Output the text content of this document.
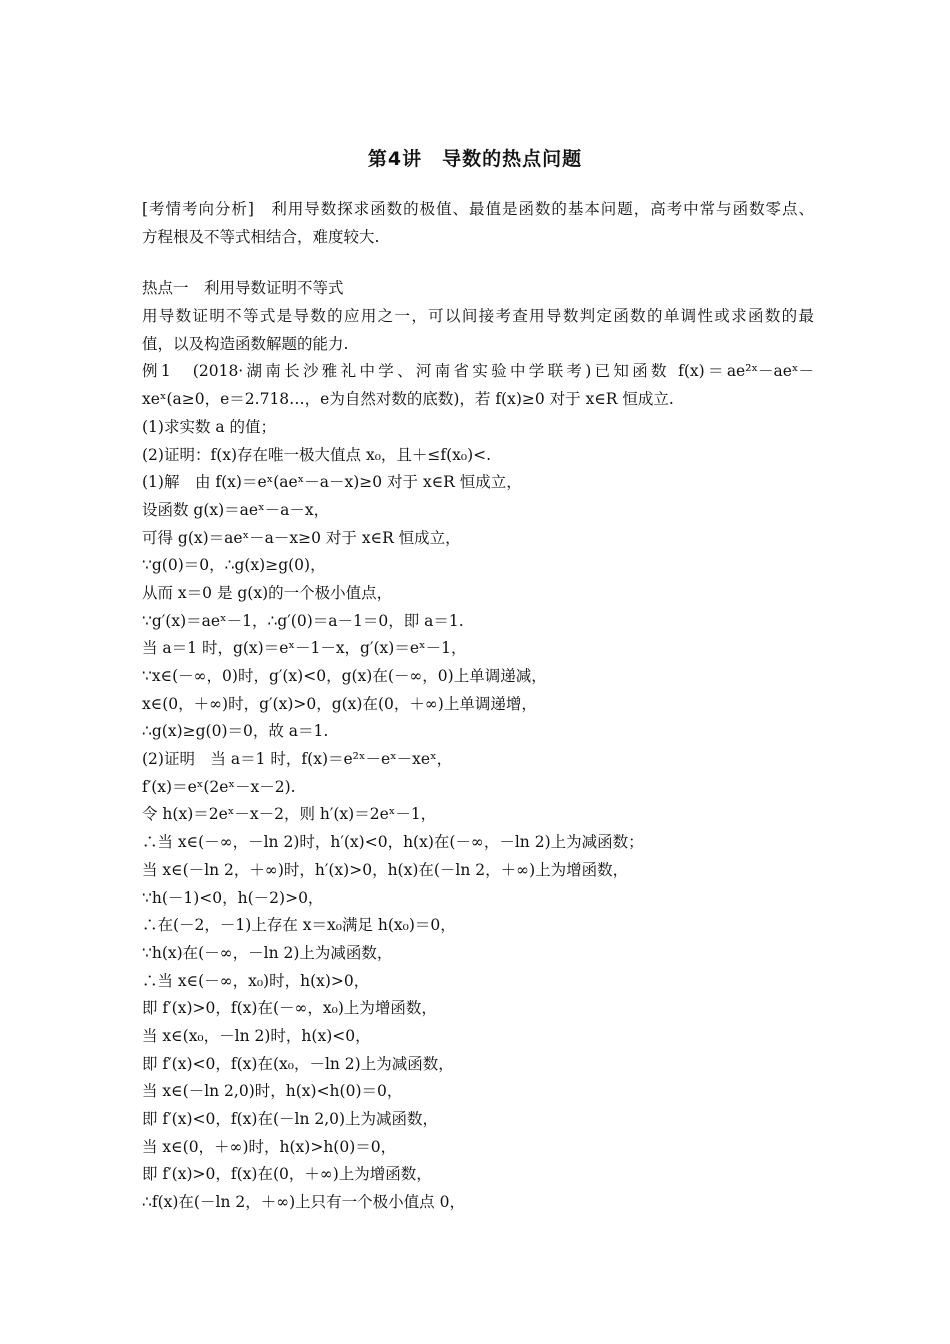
第4讲　导数的热点问题
[考情考向分析]　利用导数探求函数的极值、最值是函数的基本问题，高考中常与函数零点、
方程根及不等式相结合，难度较大.
热点一　利用导数证明不等式
用导数证明不等式是导数的应用之一，可以间接考查用导数判定函数的单调性或求函数的最
值，以及构造函数解题的能力.
例1　(2018·湖南长沙雅礼中学、河南省实验中学联考)已知函数 f(x)＝ae²ˣ－aeˣ－
xeˣ(a≥0，e＝2.718…，e为自然对数的底数)，若 f(x)≥0 对于 x∈R 恒成立.
(1)求实数 a 的值；
(2)证明：f(x)存在唯一极大值点 x₀，且＋≤f(x₀)<.
(1)解　由 f(x)＝eˣ(aeˣ－a－x)≥0 对于 x∈R 恒成立，
设函数 g(x)＝aeˣ－a－x，
可得 g(x)＝aeˣ－a－x≥0 对于 x∈R 恒成立，
∵g(0)＝0，∴g(x)≥g(0)，
从而 x＝0 是 g(x)的一个极小值点，
∵g′(x)＝aeˣ－1，∴g′(0)＝a－1＝0，即 a＝1.
当 a＝1 时，g(x)＝eˣ－1－x，g′(x)＝eˣ－1，
∵x∈(－∞，0)时，g′(x)<0，g(x)在(－∞，0)上单调递减，
x∈(0，＋∞)时，g′(x)>0，g(x)在(0，＋∞)上单调递增，
∴g(x)≥g(0)＝0，故 a＝1.
(2)证明　当 a＝1 时，f(x)＝e²ˣ－eˣ－xeˣ，
f′(x)＝eˣ(2eˣ－x－2).
令 h(x)＝2eˣ－x－2，则 h′(x)＝2eˣ－1，
∴当 x∈(－∞，－ln 2)时，h′(x)<0，h(x)在(－∞，－ln 2)上为减函数；
当 x∈(－ln 2，＋∞)时，h′(x)>0，h(x)在(－ln 2，＋∞)上为增函数，
∵h(－1)<0，h(－2)>0，
∴在(－2，－1)上存在 x＝x₀满足 h(x₀)＝0，
∵h(x)在(－∞，－ln 2)上为减函数，
∴当 x∈(－∞，x₀)时，h(x)>0，
即 f′(x)>0，f(x)在(－∞，x₀)上为增函数，
当 x∈(x₀，－ln 2)时，h(x)<0，
即 f′(x)<0，f(x)在(x₀，－ln 2)上为减函数，
当 x∈(－ln 2,0)时，h(x)<h(0)＝0，
即 f′(x)<0，f(x)在(－ln 2,0)上为减函数，
当 x∈(0，＋∞)时，h(x)>h(0)＝0，
即 f′(x)>0，f(x)在(0，＋∞)上为增函数，
∴f(x)在(－ln 2，＋∞)上只有一个极小值点 0，
